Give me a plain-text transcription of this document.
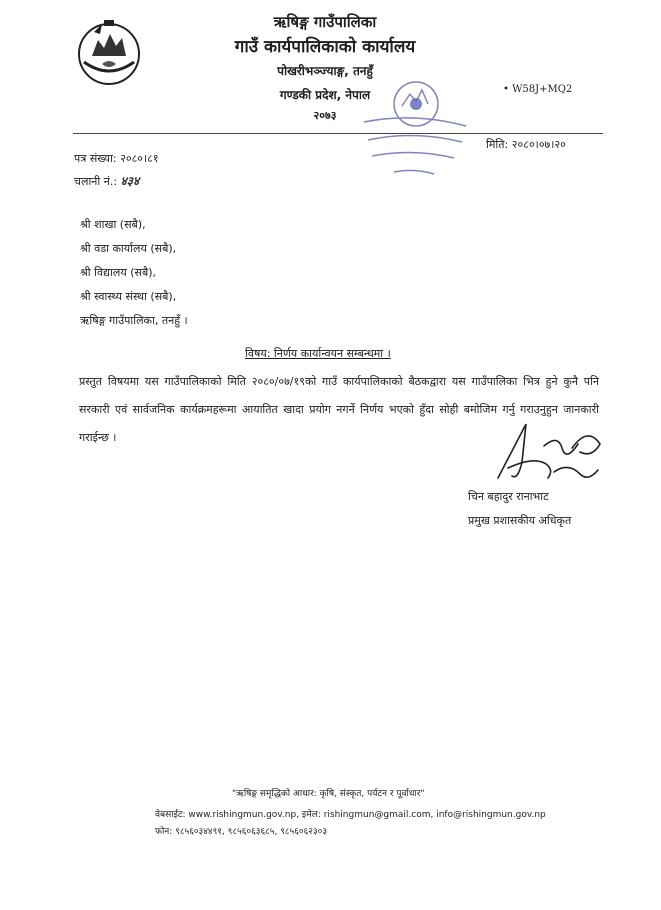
ऋषिङ्ग गाउँपालिका
गाउँ कार्यपालिकाको कार्यालय
पोखरीभञ्ज्याङ्ग, तनहुँ
गण्डकी प्रदेश, नेपाल
२०७३
• W58J+MQ2
पत्र संख्या: २०८०।८१
चलानी नं.: ४३४
मिति: २०८०।०७।२०
श्री शाखा (सबै),
श्री वडा कार्यालय (सबै),
श्री विद्यालय (सबै),
श्री स्वास्थ्य संस्था (सबै),
ऋषिङ्ग गाउँपालिका, तनहुँ ।
विषय: निर्णय कार्यान्वयन सम्बन्धमा ।
प्रस्तुत विषयमा यस गाउँपालिकाको मिति २०८०/०७/१९को गाउँ कार्यपालिकाको बैठकद्वारा यस गाउँपालिका भित्र हुने कुनै पनि सरकारी एवं सार्वजनिक कार्यक्रमहरूमा आयातित खादा प्रयोग नगर्ने निर्णय भएको हुँदा सोही बमोजिम गर्नु गराउनुहुन जानकारी गराईन्छ ।
चिन बहादुर रानाभाट
प्रमुख प्रशासकीय अधिकृत
"ऋषिङ्ग समृद्धिको आधार: कृषि, संस्कृत, पर्यटन र पूर्वाधार"
वेबसाईट: www.rishingmun.gov.np, इमेल: rishingmun@gmail.com, info@rishingmun.gov.np
फोन: ९८५६०३४४९१, ९८५६०६३६८५, ९८५६०६२३०३
